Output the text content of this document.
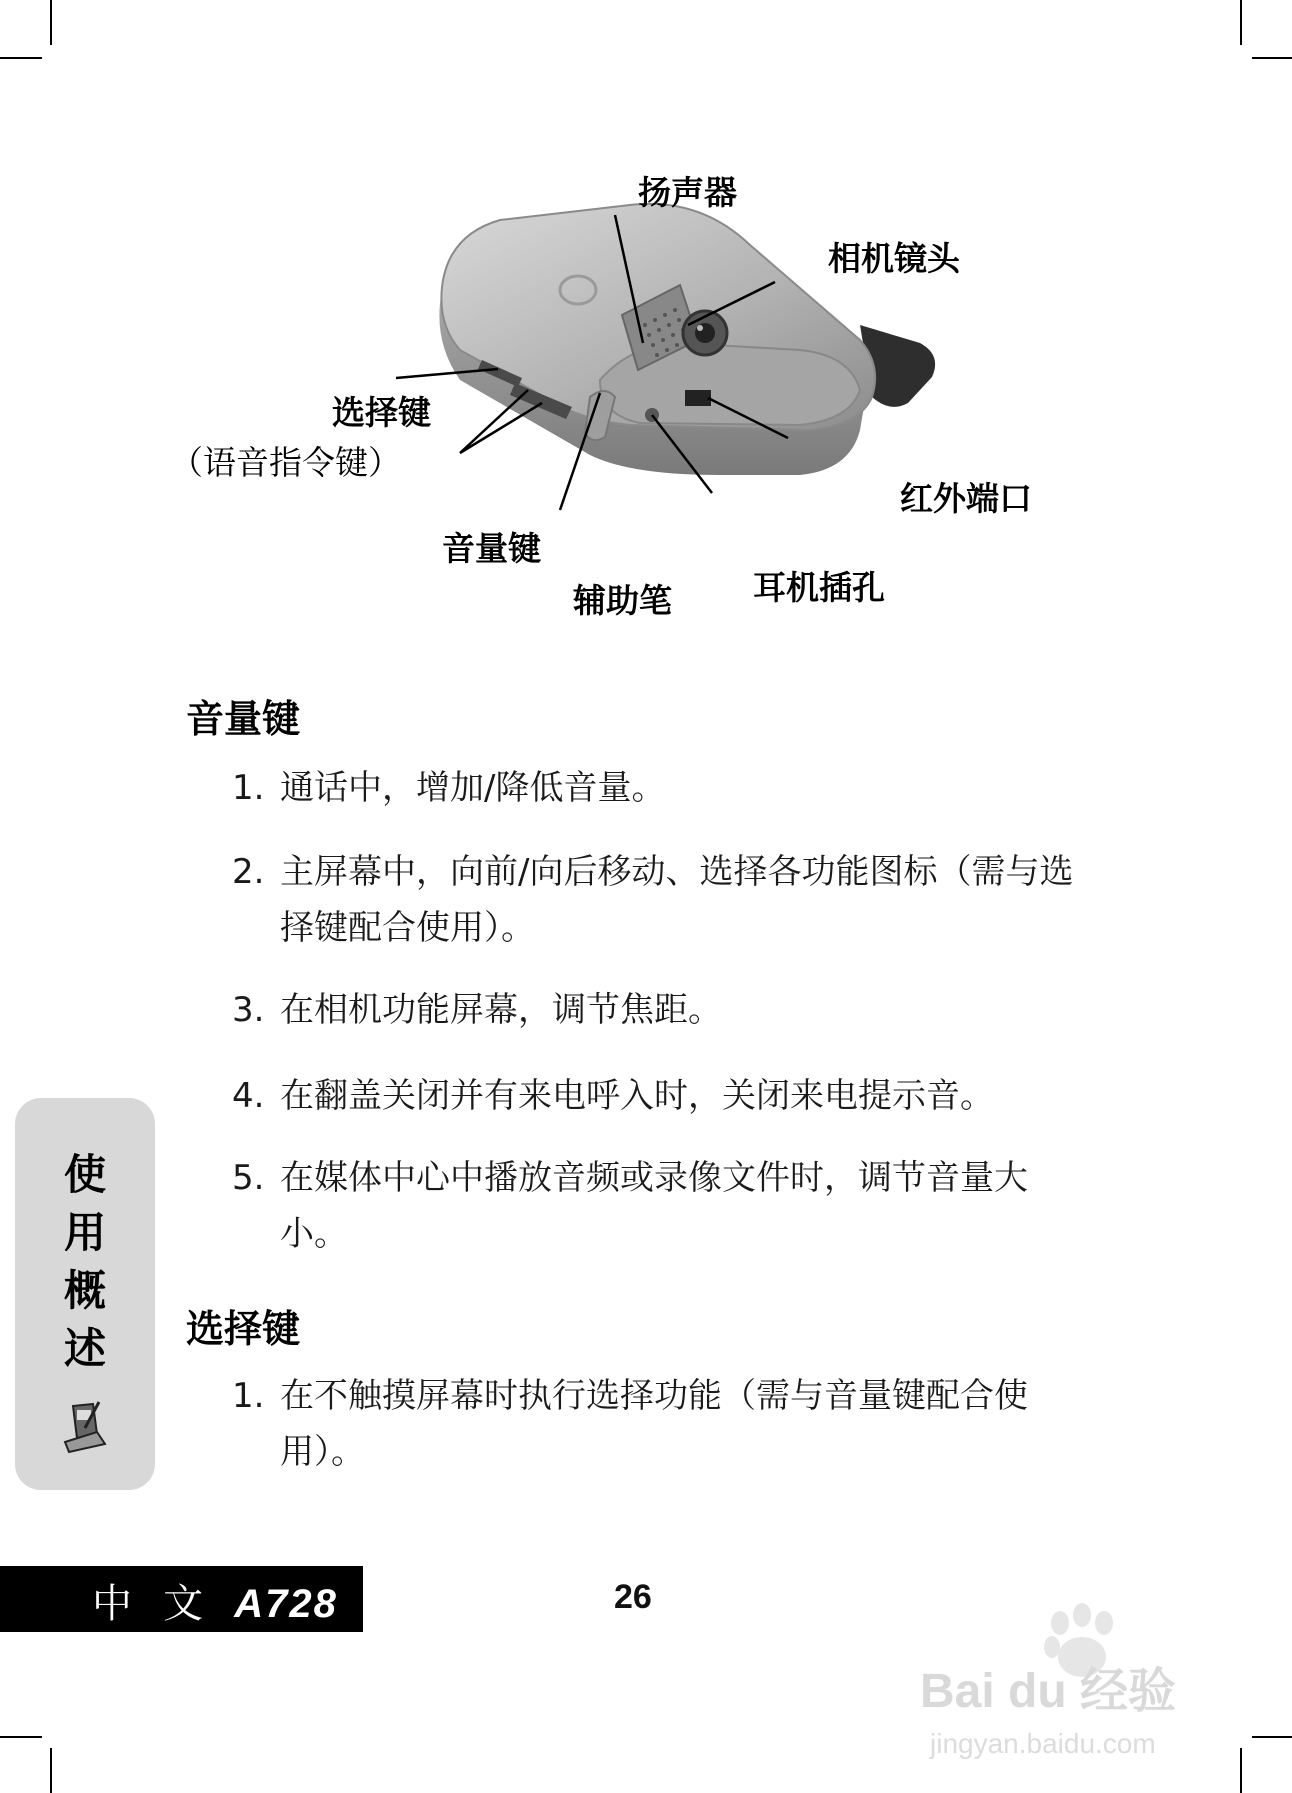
扬声器
相机镜头
选择键
（语音指令键）
红外端口
音量键
辅助笔 耳机插孔
音量键
1. 通话中，增加/降低音量。
2. 主屏幕中，向前/向后移动、选择各功能图标（需与选择键配合使用）。
3. 在相机功能屏幕，调节焦距。
4. 在翻盖关闭并有来电呼入时，关闭来电提示音。
5. 在媒体中心中播放音频或录像文件时，调节音量大小。
选择键
1. 在不触摸屏幕时执行选择功能（需与音量键配合使用）。
使
用
概
述
中 文 A728	26
Bai du 经验
jingyan.baidu.com
